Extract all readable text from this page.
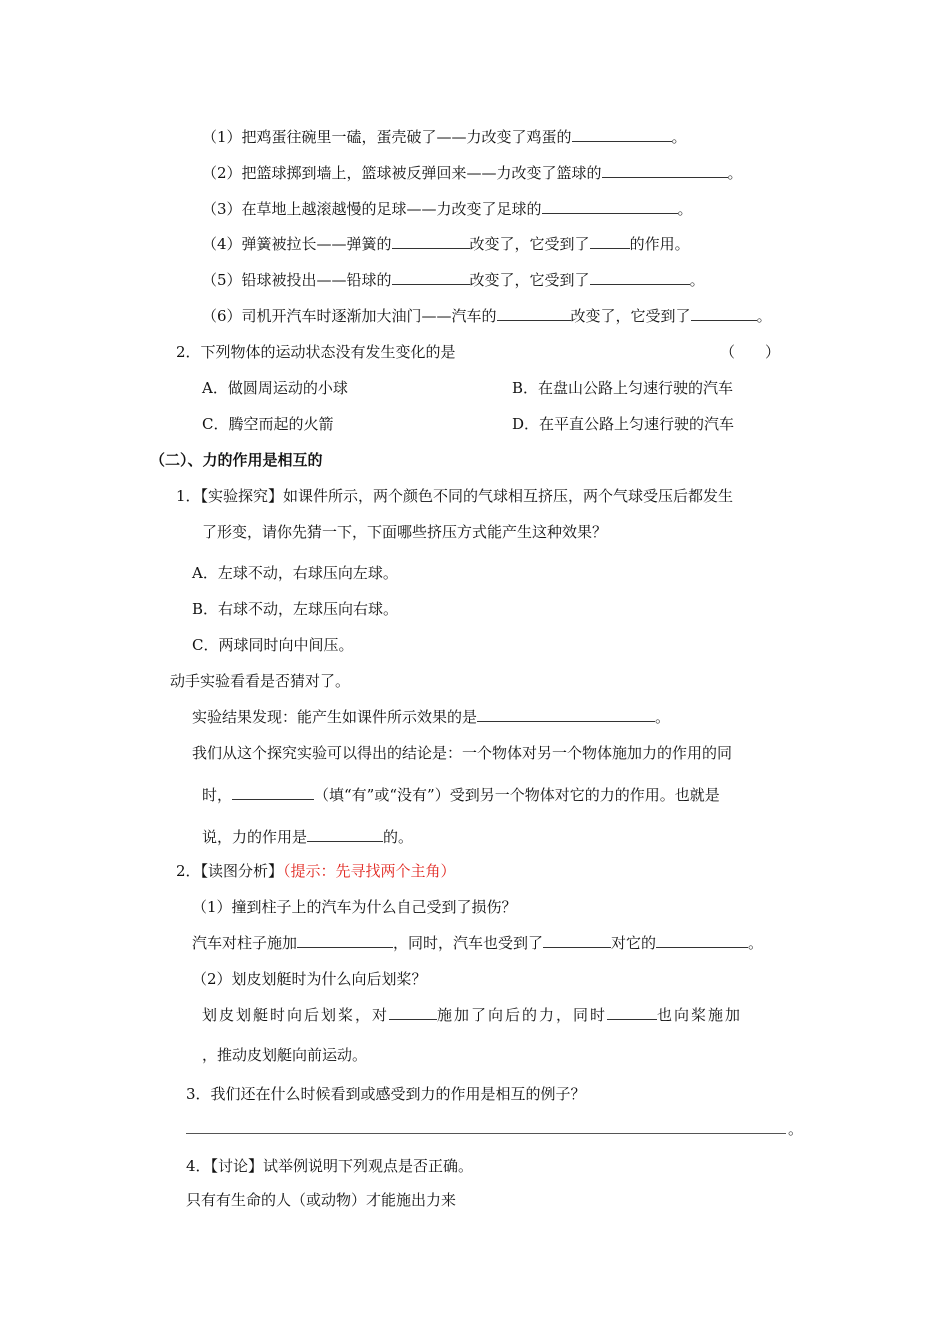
（1）把鸡蛋往碗里一磕，蛋壳破了——力改变了鸡蛋的	。
（2）把篮球掷到墙上，篮球被反弹回来——力改变了篮球的	。
（3）在草地上越滚越慢的足球——力改变了足球的	。
（4）弹簧被拉长——弹簧的	改变了，它受到了	的作用。
（5）铅球被投出——铅球的	改变了，它受到了	。
（6）司机开汽车时逐渐加大油门——汽车的	改变了，它受到了	。
2．下列物体的运动状态没有发生变化的是	（　　）
A．做圆周运动的小球	B．在盘山公路上匀速行驶的汽车
C．腾空而起的火箭	D．在平直公路上匀速行驶的汽车
（二）、力的作用是相互的
1．【实验探究】如课件所示，两个颜色不同的气球相互挤压，两个气球受压后都发生
了形变，请你先猜一下，下面哪些挤压方式能产生这种效果？
A．左球不动，右球压向左球。
B．右球不动，左球压向右球。
C．两球同时向中间压。
动手实验看看是否猜对了。
实验结果发现：能产生如课件所示效果的是	。
我们从这个探究实验可以得出的结论是：一个物体对另一个物体施加力的作用的同
时，	（填“有”或“没有”）受到另一个物体对它的力的作用。也就是
说，力的作用是	的。
2．【读图分析】（提示：先寻找两个主角）
（1）撞到柱子上的汽车为什么自己受到了损伤？
汽车对柱子施加	，同时，汽车也受到了	对它的	。
（2）划皮划艇时为什么向后划桨？
划皮划艇时向后划桨，对	施加了向后的力，同时	也向桨施加
，推动皮划艇向前运动。
3．我们还在什么时候看到或感受到力的作用是相互的例子？
。
4．【讨论】试举例说明下列观点是否正确。
只有有生命的人（或动物）才能施出力来
